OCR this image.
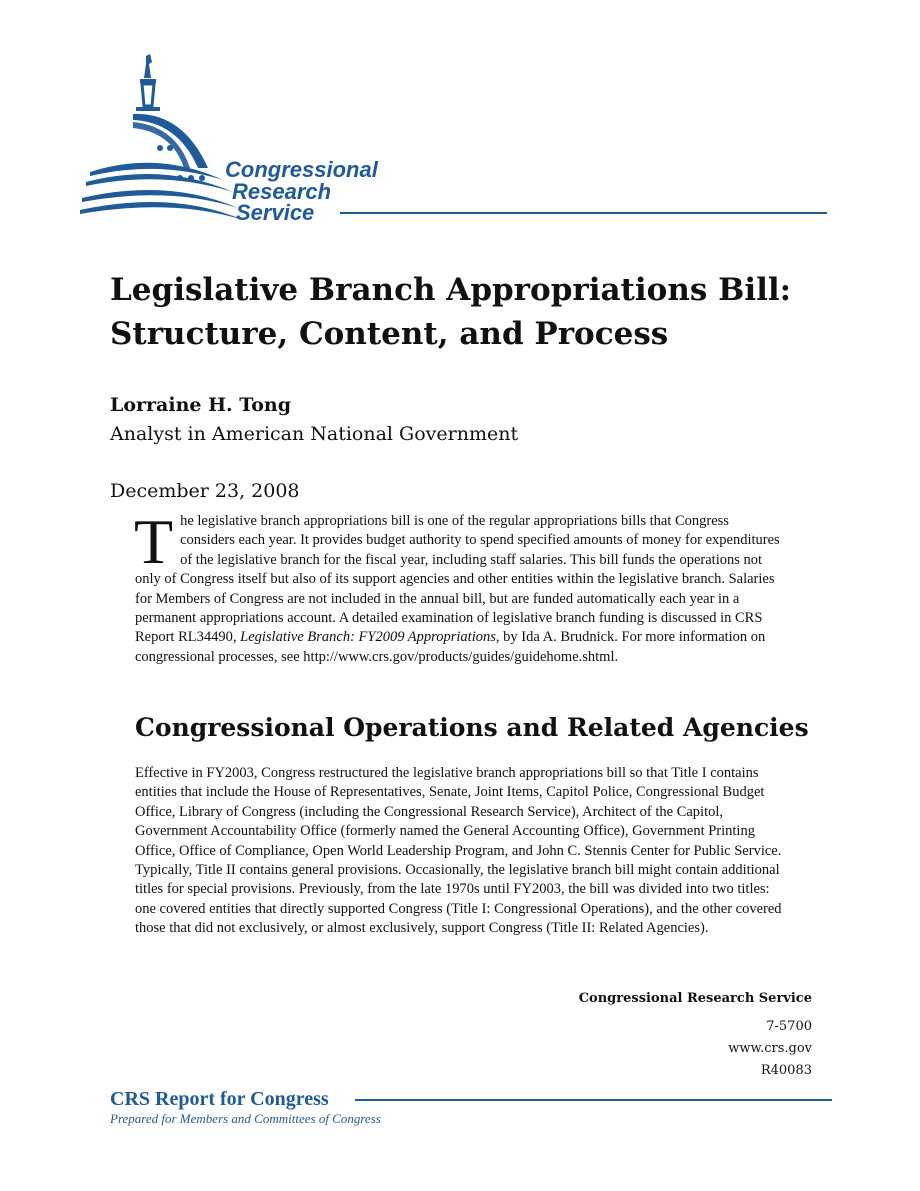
Congressional
Research
Service
Legislative Branch Appropriations Bill: Structure, Content, and Process
Lorraine H. Tong
Analyst in American National Government
December 23, 2008

The legislative branch appropriations bill is one of the regular appropriations bills that Congress considers each year. It provides budget authority to spend specified amounts of money for expenditures of the legislative branch for the fiscal year, including staff salaries. This bill funds the operations not only of Congress itself but also of its support agencies and other entities within the legislative branch. Salaries for Members of Congress are not included in the annual bill, but are funded automatically each year in a permanent appropriations account. A detailed examination of legislative branch funding is discussed in CRS Report RL34490, Legislative Branch: FY2009 Appropriations, by Ida A. Brudnick. For more information on congressional processes, see http://www.crs.gov/products/guides/guidehome.shtml.

Congressional Operations and Related Agencies

Effective in FY2003, Congress restructured the legislative branch appropriations bill so that Title I contains entities that include the House of Representatives, Senate, Joint Items, Capitol Police, Congressional Budget Office, Library of Congress (including the Congressional Research Service), Architect of the Capitol, Government Accountability Office (formerly named the General Accounting Office), Government Printing Office, Office of Compliance, Open World Leadership Program, and John C. Stennis Center for Public Service. Typically, Title II contains general provisions. Occasionally, the legislative branch bill might contain additional titles for special provisions. Previously, from the late 1970s until FY2003, the bill was divided into two titles: one covered entities that directly supported Congress (Title I: Congressional Operations), and the other covered those that did not exclusively, or almost exclusively, support Congress (Title II: Related Agencies).

Congressional Research Service
7-5700
www.crs.gov
R40083
CRS Report for Congress
Prepared for Members and Committees of Congress
